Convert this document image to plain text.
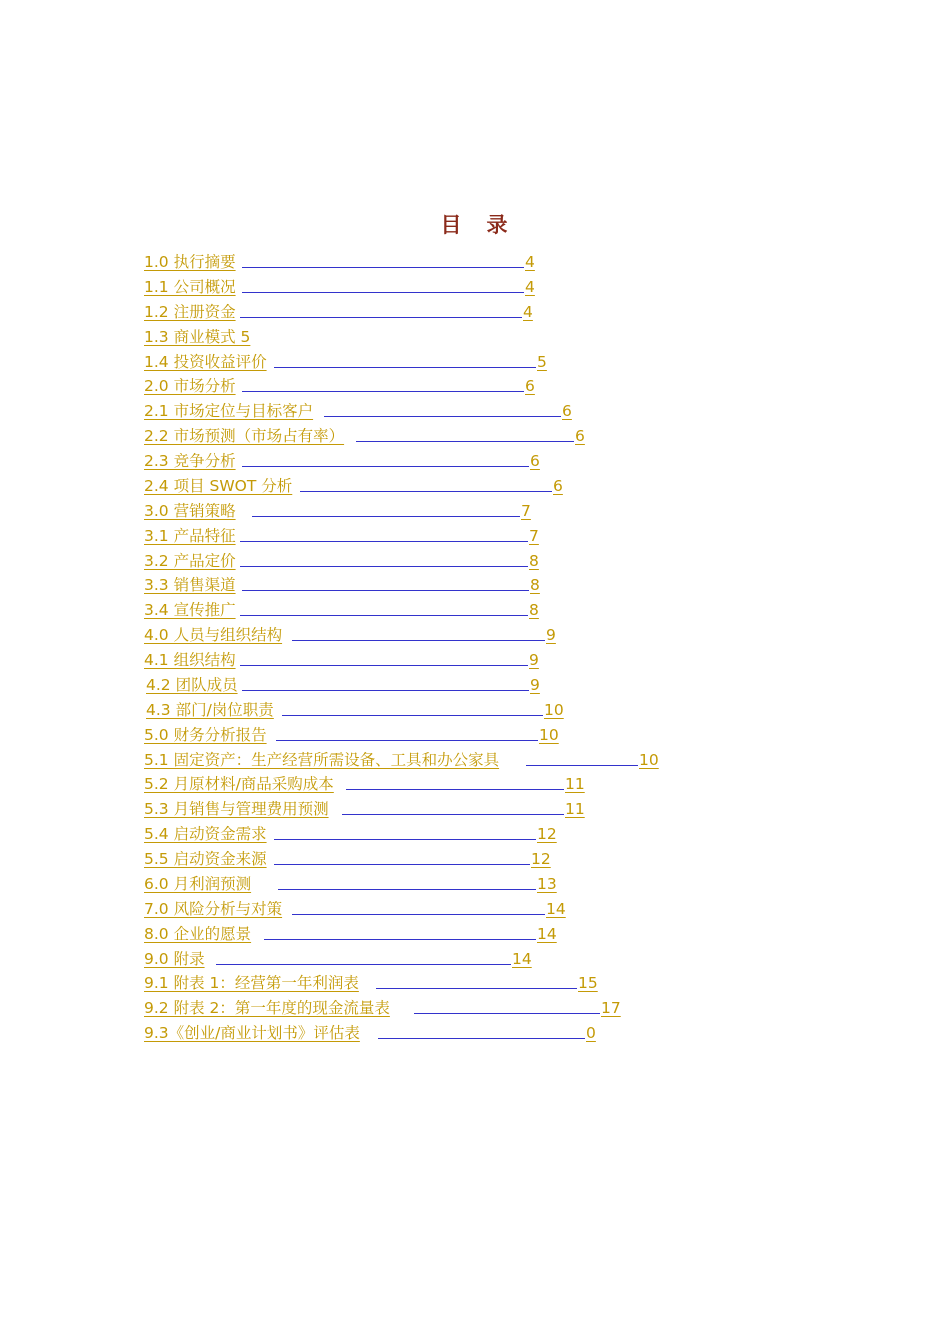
目　录
1.0 执行摘要	4
1.1 公司概况	4
1.2 注册资金	4
1.3 商业模式 5
1.4 投资收益评价	5
2.0 市场分析	6
2.1 市场定位与目标客户	6
2.2 市场预测（市场占有率）	6
2.3 竞争分析	6
2.4 项目 SWOT 分析	6
3.0 营销策略	7
3.1 产品特征	7
3.2 产品定价	8
3.3 销售渠道	8
3.4 宣传推广	8
4.0 人员与组织结构	9
4.1 组织结构	9
4.2 团队成员	9
4.3 部门/岗位职责	10
5.0 财务分析报告	10
5.1 固定资产：生产经营所需设备、工具和办公家具	10
5.2 月原材料/商品采购成本	11
5.3 月销售与管理费用预测	11
5.4 启动资金需求	12
5.5 启动资金来源	12
6.0 月利润预测	13
7.0 风险分析与对策	14
8.0 企业的愿景	14
9.0 附录	14
9.1 附表 1：经营第一年利润表	15
9.2 附表 2：第一年度的现金流量表	17
9.3《创业/商业计划书》评估表	0
